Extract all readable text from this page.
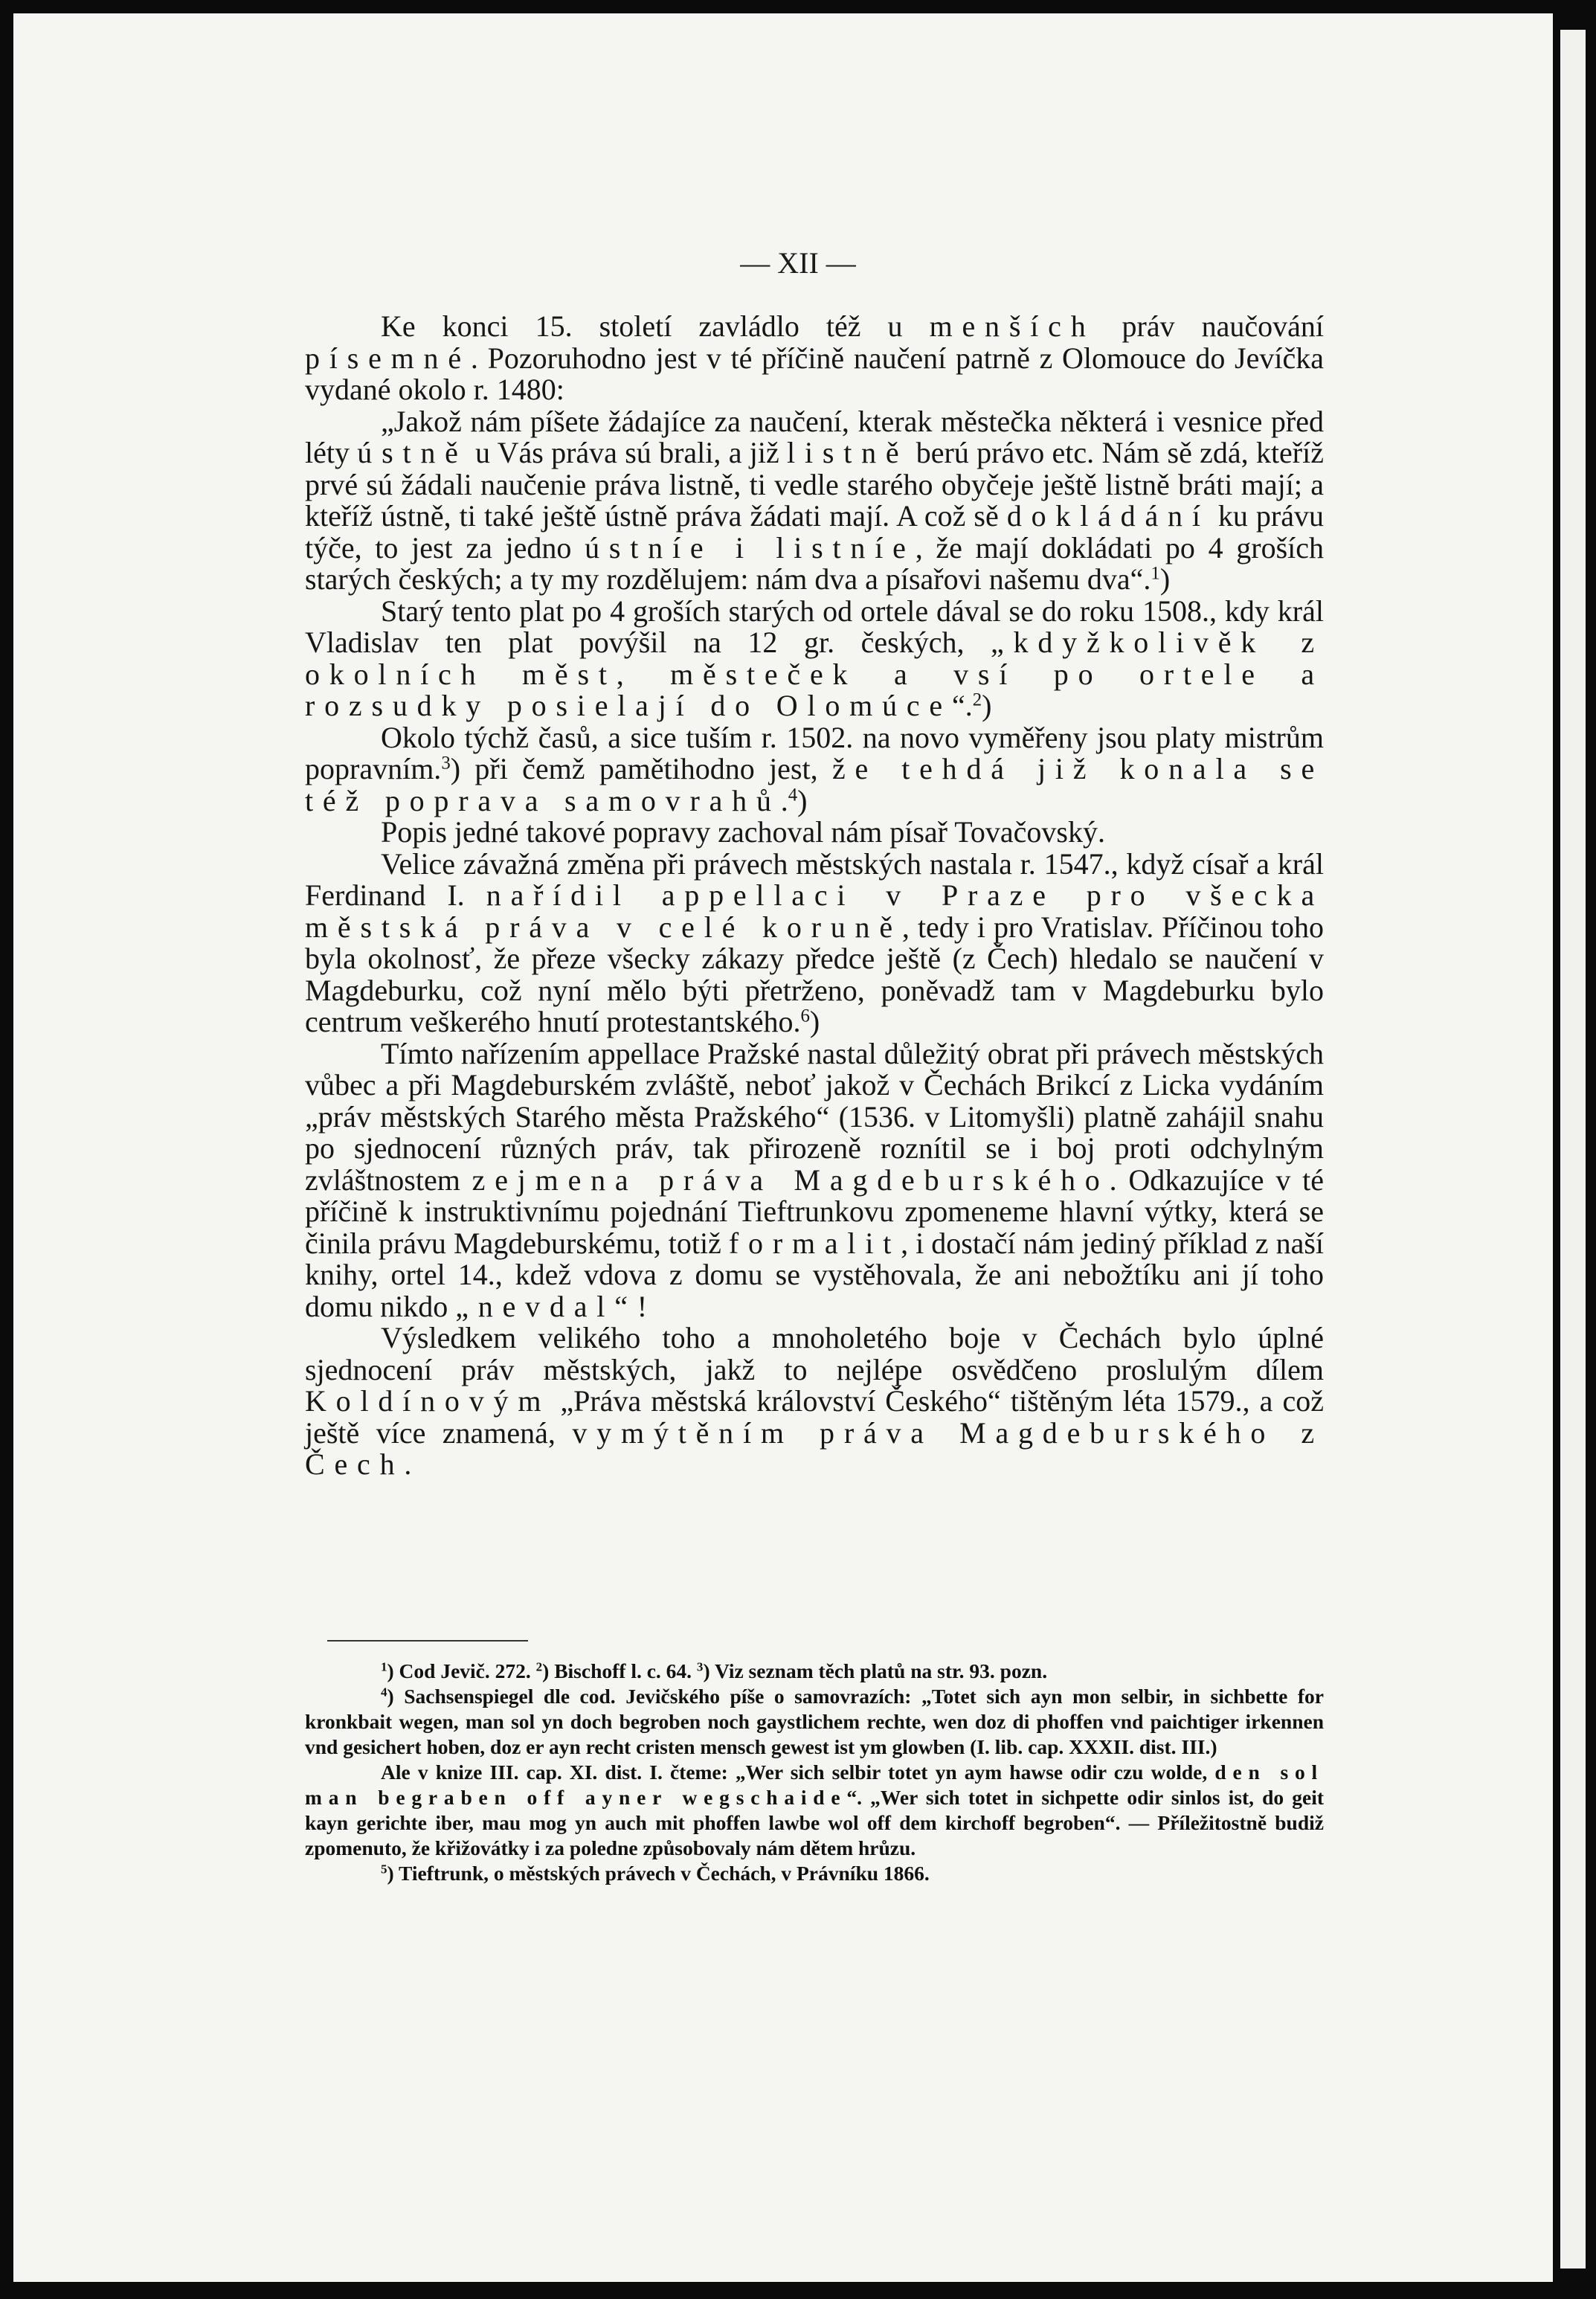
— XII —

Ke konci 15. století zavládlo též u menších práv naučování písemné. Pozoruhodno jest v té příčině naučení patrně z Olomouce do Jevíčka vydané okolo r. 1480:

„Jakož nám píšete žádajíce za naučení, kterak městečka některá i vesnice před léty ústně u Vás práva sú brali, a již listně berú právo etc. Nám sě zdá, kteříž prvé sú žádali naučenie práva listně, ti vedle starého obyčeje ještě listně bráti mají; a kteříž ústně, ti také ještě ústně práva žádati mají. A což sě dokládání ku právu týče, to jest za jedno ústníe i listníe, že mají dokládati po 4 groších starých českých; a ty my rozdělujem: nám dva a písařovi našemu dva“.$^1$)

Starý tento plat po 4 groších starých od ortele dával se do roku 1508., kdy král Vladislav ten plat povýšil na 12 gr. českých, „kdyžkolivěk z okolních měst, městeček a vsí po ortele a rozsudky posielají do Olomúce“.$^2$)

Okolo týchž časů, a sice tuším r. 1502. na novo vyměřeny jsou platy mistrům popravním.$^3$) při čemž pamětihodno jest, že tehdá již konala se též poprava samovrahů.$^4$)

Popis jedné takové popravy zachoval nám písař Tovačovský.

Velice závažná změna při právech městských nastala r. 1547., když císař a král Ferdinand I. nařídil appellaci v Praze pro všecka městská práva v celé koruně, tedy i pro Vratislav. Příčinou toho byla okolnosť, že přeze všecky zákazy předce ještě (z Čech) hledalo se naučení v Magdeburku, což nyní mělo býti přetrženo, poněvadž tam v Magdeburku bylo centrum veškerého hnutí protestantského.$^6$)

Tímto nařízením appellace Pražské nastal důležitý obrat při právech městských vůbec a při Magdeburském zvláště, neboť jakož v Čechách Brikcí z Licka vydáním „práv městských Starého města Pražského“ (1536. v Litomyšli) platně zahájil snahu po sjednocení různých práv, tak přirozeně roznítil se i boj proti odchylným zvláštnostem zejmena práva Magdeburského. Odkazujíce v té příčině k instruktivnímu pojednání Tieftrunkovu zpomeneme hlavní výtky, která se činila právu Magdeburskému, totiž formalit, i dostačí nám jediný příklad z naší knihy, ortel 14., kdež vdova z domu se vystěhovala, že ani nebožtíku ani jí toho domu nikdo „nevdal“!

Výsledkem velikého toho a mnoholetého boje v Čechách bylo úplné sjednocení práv městských, jakž to nejlépe osvědčeno proslulým dílem Koldínovým „Práva městská království Českého“ tištěným léta 1579., a což ještě více znamená, vymýtěním práva Magdeburského z Čech.

$^1$) Cod Jevič. 272. $^2$) Bischoff l. c. 64. $^3$) Viz seznam těch platů na str. 93. pozn.

$^4$) Sachsenspiegel dle cod. Jevičského píše o samovrazích: „Totet sich ayn mon selbir, in sichbette for kronkbait wegen, man sol yn doch begroben noch gaystlichem rechte, wen doz di phoffen vnd paichtiger irkennen vnd gesichert hoben, doz er ayn recht cristen mensch gewest ist ym glowben (I. lib. cap. XXXII. dist. III.)

Ale v knize III. cap. XI. dist. I. čteme: „Wer sich selbir totet yn aym hawse odir czu wolde, den sol man begraben off ayner wegschaide“. „Wer sich totet in sichpette odir sinlos ist, do geit kayn gerichte iber, mau mog yn auch mit phoffen lawbe wol off dem kirchoff begroben“. — Příležitostně budiž zpomenuto, že křižovátky i za poledne způsobovaly nám dětem hrůzu.

$^5$) Tieftrunk, o městských právech v Čechách, v Právníku 1866.
